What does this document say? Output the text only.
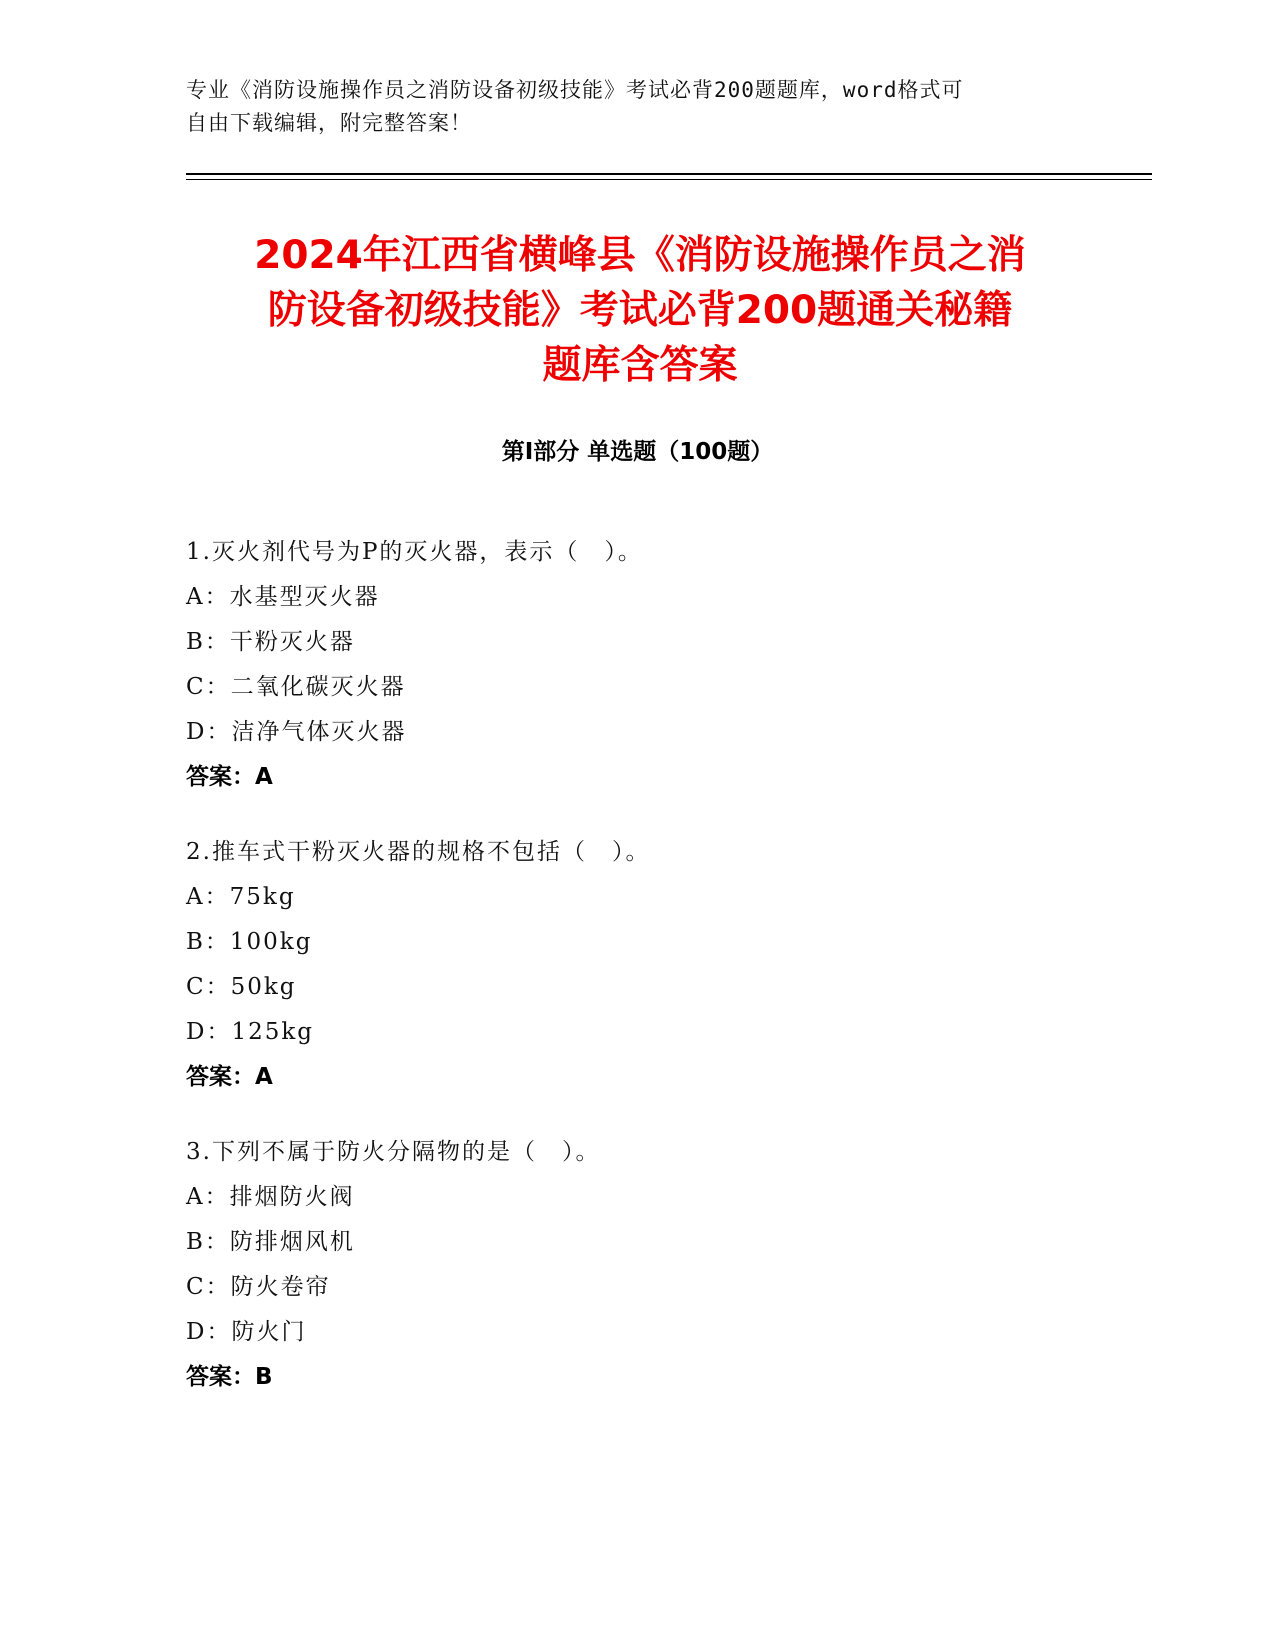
专业《消防设施操作员之消防设备初级技能》考试必背200题题库，word格式可
自由下载编辑，附完整答案！
2024年江西省横峰县《消防设施操作员之消
防设备初级技能》考试必背200题通关秘籍
题库含答案
第Ⅰ部分 单选题（100题）
1.灭火剂代号为P的灭火器，表示（　）。
A：水基型灭火器
B：干粉灭火器
C：二氧化碳灭火器
D：洁净气体灭火器
答案：A
2.推车式干粉灭火器的规格不包括（　）。
A：75kg
B：100kg
C：50kg
D：125kg
答案：A
3.下列不属于防火分隔物的是（　）。
A：排烟防火阀
B：防排烟风机
C：防火卷帘
D：防火门
答案：B
